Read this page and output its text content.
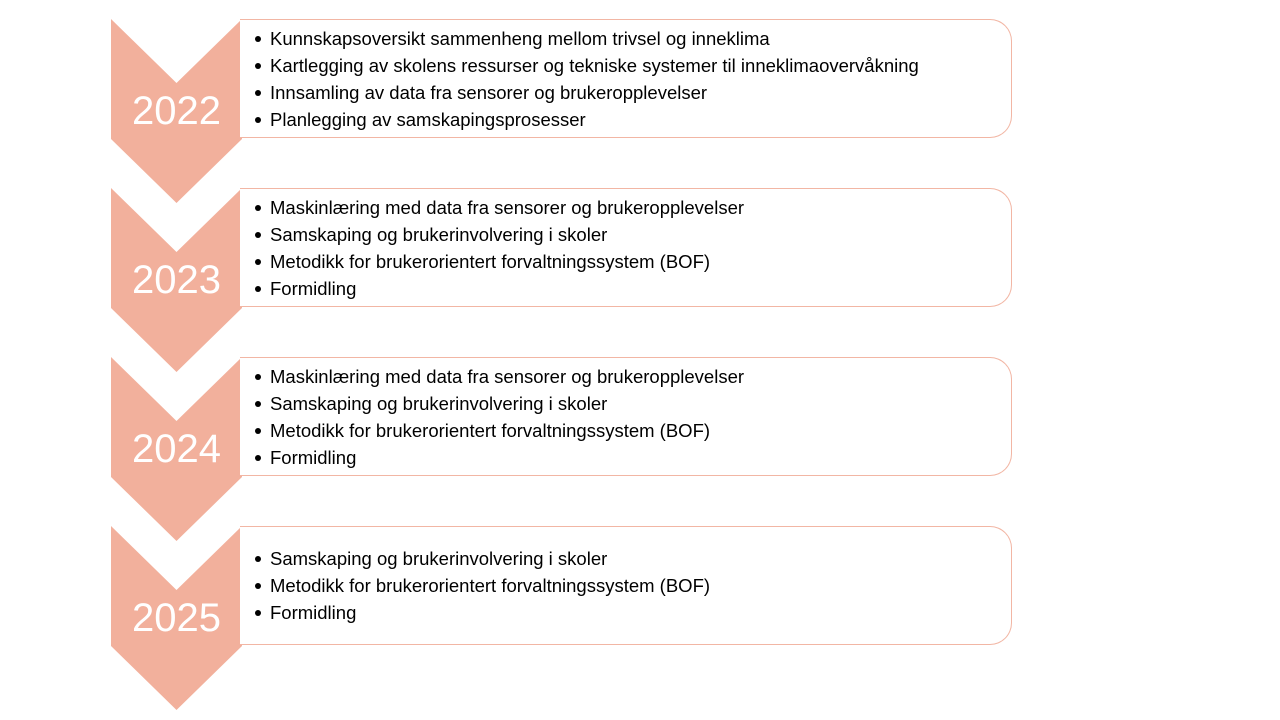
2022
Kunnskapsoversikt sammenheng mellom trivsel og inneklima
Kartlegging av skolens ressurser og tekniske systemer til inneklimaovervåkning
Innsamling av data fra sensorer og brukeropplevelser
Planlegging av samskapingsprosesser
2023
Maskinlæring med data fra sensorer og brukeropplevelser
Samskaping og brukerinvolvering i skoler
Metodikk for brukerorientert forvaltningssystem (BOF)
Formidling
2024
Maskinlæring med data fra sensorer og brukeropplevelser
Samskaping og brukerinvolvering i skoler
Metodikk for brukerorientert forvaltningssystem (BOF)
Formidling
2025
Samskaping og brukerinvolvering i skoler
Metodikk for brukerorientert forvaltningssystem (BOF)
Formidling
